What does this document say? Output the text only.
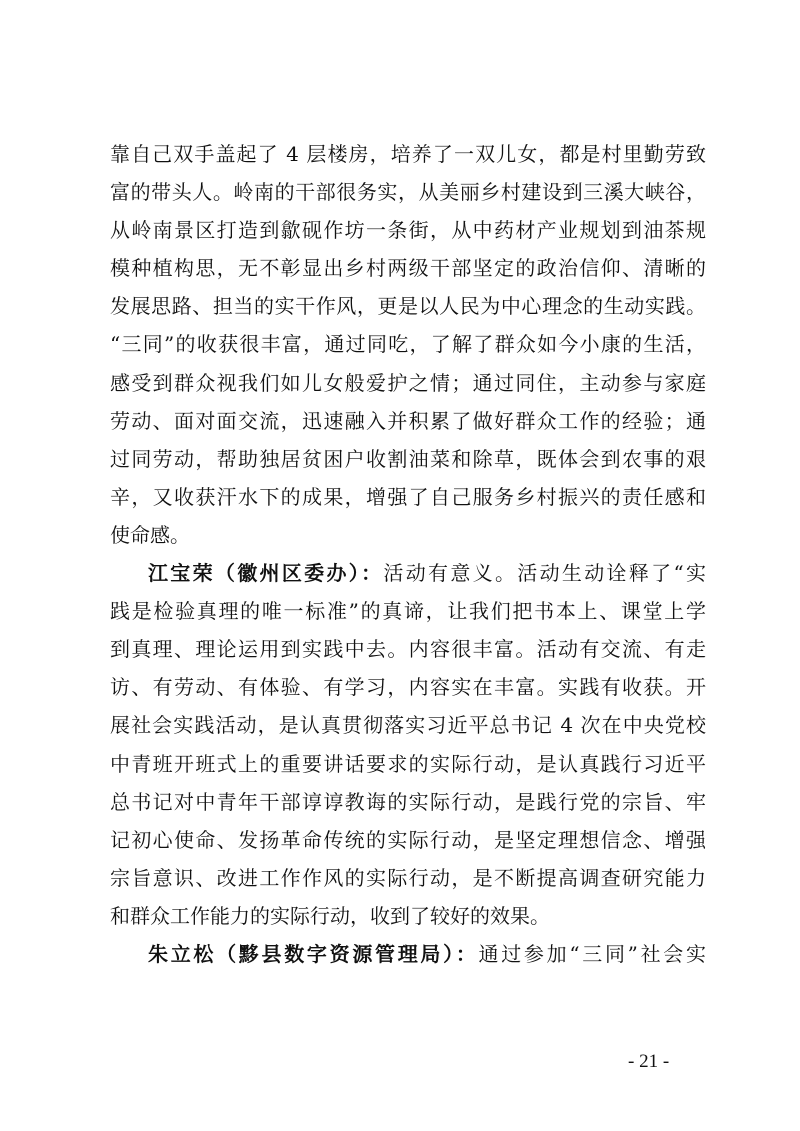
靠自己双手盖起了 4 层楼房，培养了一双儿女，都是村里勤劳致
富的带头人。岭南的干部很务实，从美丽乡村建设到三溪大峡谷，
从岭南景区打造到歙砚作坊一条街，从中药材产业规划到油茶规
模种植构思，无不彰显出乡村两级干部坚定的政治信仰、清晰的
发展思路、担当的实干作风，更是以人民为中心理念的生动实践。
“三同”的收获很丰富，通过同吃，了解了群众如今小康的生活，
感受到群众视我们如儿女般爱护之情；通过同住，主动参与家庭
劳动、面对面交流，迅速融入并积累了做好群众工作的经验；通
过同劳动，帮助独居贫困户收割油菜和除草，既体会到农事的艰
辛，又收获汗水下的成果，增强了自己服务乡村振兴的责任感和
使命感。
江宝荣（徽州区委办）：活动有意义。活动生动诠释了“实
践是检验真理的唯一标准”的真谛，让我们把书本上、课堂上学
到真理、理论运用到实践中去。内容很丰富。活动有交流、有走
访、有劳动、有体验、有学习，内容实在丰富。实践有收获。开
展社会实践活动，是认真贯彻落实习近平总书记 4 次在中央党校
中青班开班式上的重要讲话要求的实际行动，是认真践行习近平
总书记对中青年干部谆谆教诲的实际行动，是践行党的宗旨、牢
记初心使命、发扬革命传统的实际行动，是坚定理想信念、增强
宗旨意识、改进工作作风的实际行动，是不断提高调查研究能力
和群众工作能力的实际行动，收到了较好的效果。
朱立松（黟县数字资源管理局）：通过参加“三同”社会实
- 21 -
